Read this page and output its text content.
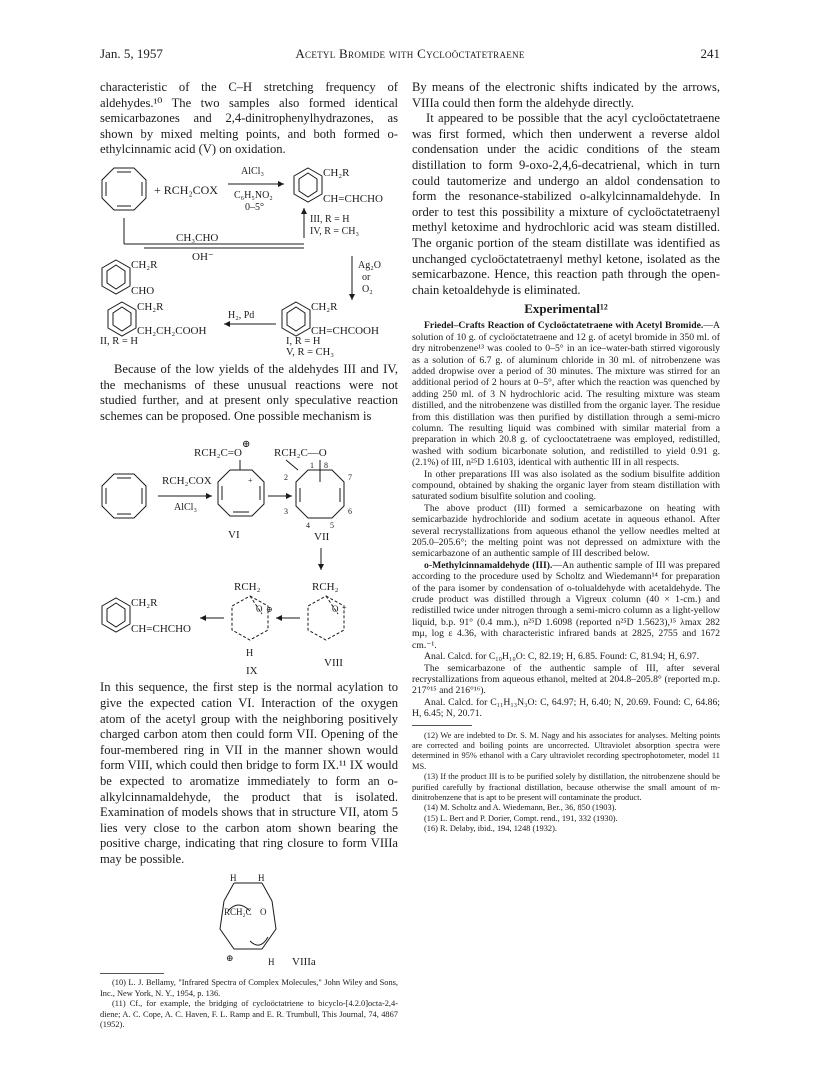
Jan. 5, 1957	Acetyl Bromide with Cycloöctatetraene	241

characteristic of the C–H stretching frequency of aldehydes.¹⁰ The two samples also formed identical semicarbazones and 2,4-dinitrophenylhydrazones, as shown by mixed melting points, and both formed o-ethylcinnamic acid (V) on oxidation.

+ RCH₂COX
AlCl₃
C₆H₅NO₂
0–5°
CH₂R
CH=CHCHO
III, R = H
IV, R = CH₃
CH₃CHO
OH⁻
CH₂R
CHO
Ag₂O
or
O₂
CH₂R
CH₂CH₂COOH
H₂, Pd
CH₂R
CH=CHCOOH
II, R = H	I, R = H
V, R = CH₃

Because of the low yields of the aldehydes III and IV, the mechanisms of these unusual reactions were not studied further, and at present only speculative reaction schemes can be proposed. One possible mechanism is

⊕
RCH₂C=O	RCH₂C—O
RCH₂COX
AlCl₃
+
1 8
2	7
3	6
4	5
VI	VII
RCH₂	RCH₂
CH₂R
CH=CHCHO
O ⊕
H
IX
O +
VIII

In this sequence, the first step is the normal acylation to give the expected cation VI. Interaction of the oxygen atom of the acetyl group with the neighboring positively charged carbon atom then could form VII. Opening of the four-membered ring in VII in the manner shown would form VIII, which could then bridge to form IX.¹¹ IX would be expected to aromatize immediately to form an o-alkylcinnamaldehyde, the product that is isolated. Examination of models shows that in structure VII, atom 5 lies very close to the carbon atom shown bearing the positive charge, indicating that ring closure to form VIIIa may be possible.

H H
RCH₂C O
⊕	H VIIIa

(10) L. J. Bellamy, "Infrared Spectra of Complex Molecules," John Wiley and Sons, Inc., New York, N. Y., 1954, p. 136.

(11) Cf., for example, the bridging of cycloöctatriene to bicyclo-[4.2.0]octa-2,4-diene; A. C. Cope, A. C. Haven, F. L. Ramp and E. R. Trumbull, This Journal, 74, 4867 (1952).

By means of the electronic shifts indicated by the arrows, VIIIa could then form the aldehyde directly.

It appeared to be possible that the acyl cycloöctatetraene was first formed, which then underwent a reverse aldol condensation under the acidic conditions of the steam distillation to form 9-oxo-2,4,6-decatrienal, which in turn could tautomerize and undergo an aldol condensation to form the resonance-stabilized o-alkylcinnamaldehyde. In order to test this possibility a mixture of cycloöctatetraenyl methyl ketoxime and hydrochloric acid was steam distilled. The organic portion of the steam distillate was identified as unchanged cycloöctatetraenyl methyl ketone, isolated as the semicarbazone. Hence, this reaction path through the open-chain ketoaldehyde is eliminated.

Experimental¹²

Friedel–Crafts Reaction of Cycloöctatetraene with Acetyl Bromide.—A solution of 10 g. of cycloöctatetraene and 12 g. of acetyl bromide in 350 ml. of dry nitrobenzene¹³ was cooled to 0–5° in an ice–water-bath stirred vigorously as a solution of 6.7 g. of aluminum chloride in 30 ml. of nitrobenzene was added dropwise over a period of 30 minutes. The mixture was stirred for an additional period of 2 hours at 0–5°, after which the reaction was quenched by adding 250 ml. of 3 N hydrochloric acid. The resulting mixture was steam distilled, and the nitrobenzene was distilled from the organic layer. The residue from this distillation was then purified by distillation through a semi-micro column. The resulting liquid was combined with similar material from a preparation in which 20.8 g. of cyclooctatetraene was employed, redistilled, washed with sodium bicarbonate solution, and redistilled to yield 0.91 g. (2.1%) of III, n²⁵D 1.6103, identical with authentic III in all respects.

In other preparations III was also isolated as the sodium bisulfite addition compound, obtained by shaking the organic layer from steam distillation with saturated sodium bisulfite solution and cooling.

The above product (III) formed a semicarbazone on heating with semicarbazide hydrochloride and sodium acetate in aqueous ethanol. After several recrystallizations from aqueous ethanol the yellow needles melted at 205.0–205.6°; the melting point was not depressed on admixture with the semicarbazone of an authentic sample of III described below.

o-Methylcinnamaldehyde (III).—An authentic sample of III was prepared according to the procedure used by Scholtz and Wiedemann¹⁴ for preparation of the para isomer by condensation of o-tolualdehyde with acetaldehyde. The crude product was distilled through a Vigreux column (40 × 1-cm.) and redistilled twice under nitrogen through a semi-micro column as a light-yellow liquid, b.p. 91° (0.4 mm.), n²⁵D 1.6098 (reported n²⁵D 1.5623),¹⁵ λmax 282 mμ, log ε 4.36, with characteristic infrared bands at 2825, 2755 and 1672 cm.⁻¹.

Anal. Calcd. for C₁₀H₁₀O: C, 82.19; H, 6.85. Found: C, 81.94; H, 6.97.

The semicarbazone of the authentic sample of III, after several recrystallizations from aqueous ethanol, melted at 204.8–205.8° (reported m.p. 217°¹⁵ and 216°¹⁶).

Anal. Calcd. for C₁₁H₁₃N₃O: C, 64.97; H, 6.40; N, 20.69. Found: C, 64.86; H, 6.45; N, 20.71.

(12) We are indebted to Dr. S. M. Nagy and his associates for analyses. Melting points are corrected and boiling points are uncorrected. Ultraviolet absorption spectra were determined in 95% ethanol with a Cary ultraviolet recording spectrophotometer, model 11 MS.

(13) If the product III is to be purified solely by distillation, the nitrobenzene should be purified carefully by fractional distillation, because otherwise the small amount of m-dinitrobenzene that is apt to be present will contaminate the product.

(14) M. Scholtz and A. Wiedemann, Ber., 36, 850 (1903).

(15) L. Bert and P. Dorier, Compt. rend., 191, 332 (1930).

(16) R. Delaby, ibid., 194, 1248 (1932).
